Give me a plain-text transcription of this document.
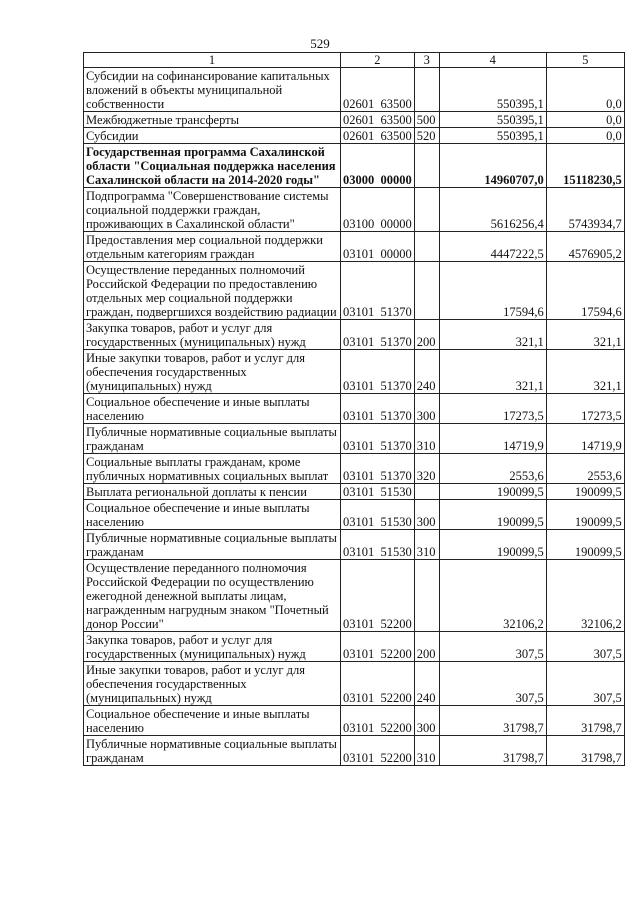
529
1	2	3	4	5
Субсидии на софинансирование капитальных вложений в объекты муниципальной собственности	02601  63500		550395,1	0,0
Межбюджетные трансферты	02601  63500	500	550395,1	0,0
Субсидии	02601  63500	520	550395,1	0,0
Государственная программа Сахалинской области "Социальная поддержка населения Сахалинской области на 2014-2020 годы"	03000  00000		14960707,0	15118230,5
Подпрограмма "Совершенствование системы социальной поддержки граждан, проживающих в Сахалинской области"	03100  00000		5616256,4	5743934,7
Предоставления мер социальной поддержки отдельным категориям граждан	03101  00000		4447222,5	4576905,2
Осуществление переданных полномочий Российской Федерации по предоставлению отдельных мер социальной поддержки граждан, подвергшихся воздействию радиации	03101  51370		17594,6	17594,6
Закупка товаров, работ и услуг для государственных (муниципальных) нужд	03101  51370	200	321,1	321,1
Иные закупки товаров, работ и услуг для обеспечения государственных (муниципальных) нужд	03101  51370	240	321,1	321,1
Социальное обеспечение и иные выплаты населению	03101  51370	300	17273,5	17273,5
Публичные нормативные социальные выплаты гражданам	03101  51370	310	14719,9	14719,9
Социальные выплаты гражданам, кроме публичных нормативных социальных выплат	03101  51370	320	2553,6	2553,6
Выплата региональной доплаты к пенсии	03101  51530		190099,5	190099,5
Социальное обеспечение и иные выплаты населению	03101  51530	300	190099,5	190099,5
Публичные нормативные социальные выплаты гражданам	03101  51530	310	190099,5	190099,5
Осуществление переданного полномочия Российской Федерации по осуществлению ежегодной денежной выплаты лицам, награжденным нагрудным знаком "Почетный донор России"	03101  52200		32106,2	32106,2
Закупка товаров, работ и услуг для государственных (муниципальных) нужд	03101  52200	200	307,5	307,5
Иные закупки товаров, работ и услуг для обеспечения государственных (муниципальных) нужд	03101  52200	240	307,5	307,5
Социальное обеспечение и иные выплаты населению	03101  52200	300	31798,7	31798,7
Публичные нормативные социальные выплаты гражданам	03101  52200	310	31798,7	31798,7
